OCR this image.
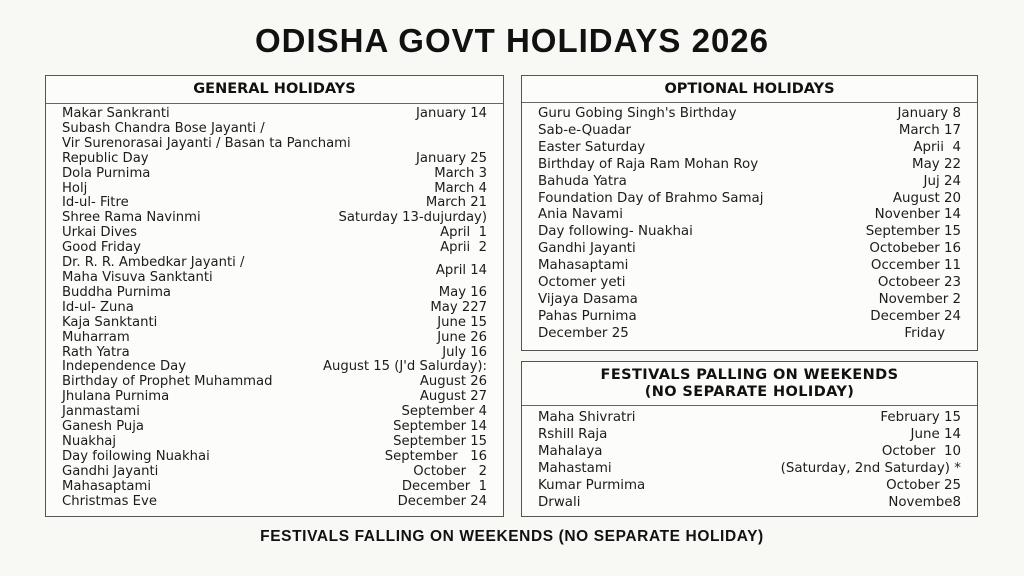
ODISHA GOVT HOLIDAYS 2026
GENERAL HOLIDAYS
Makar Sankranti	January 14
Subash Chandra Bose Jayanti /
Vir Surenorasai Jayanti / Basan ta Panchami
Republic Day	January 25
Dola Purnima	March 3
Holj	March 4
Id-ul- Fitre	March 21
Shree Rama Navinmi	Saturday 13-dujurday)
Urkai Dives	April  1
Good Friday	Aprii  2
Dr. R. R. Ambedkar Jayanti /
Maha Visuva Sanktanti	April 14
Buddha Purnima	May 16
Id-ul- Zuna	May 227
Kaja Sanktanti	June 15
Muharram	June 26
Rath Yatra	July 16
Independence Day	August 15 (J'd Salurday):
Birthday of Prophet Muhammad	August 26
Jhulana Purnima	August 27
Janmastami	September 4
Ganesh Puja	September 14
Nuakhaj	September 15
Day foilowing Nuakhai	September   16
Gandhi Jayanti	October   2
Mahasaptami	December  1
Christmas Eve	December 24
OPTIONAL HOLIDAYS
Guru Gobing Singh's Birthday	January 8
Sab-e-Quadar	March 17
Easter Saturday	Aprii  4
Birthday of Raja Ram Mohan Roy	May 22
Bahuda Yatra	Juj 24
Foundation Day of Brahmo Samaj	August 20
Ania Navami	Novenber 14
Day following- Nuakhai	September 15
Gandhi Jayanti	Octobeber 16
Mahasaptami	Occember 11
Octomer yeti	Octobeer 23
Vijaya Dasama	November 2
Pahas Purnima	December 24
December 25	Friday
FESTIVALS PALLING ON WEEKENDS
(NO SEPARATE HOLIDAY)
Maha Shivratri	February 15
Rshill Raja	June 14
Mahalaya	October  10
Mahastami	(Saturday, 2nd Saturday) *
Kumar Purmima	October 25
Drwali	Novembe8
FESTIVALS FALLING ON WEEKENDS (NO SEPARATE HOLIDAY)
